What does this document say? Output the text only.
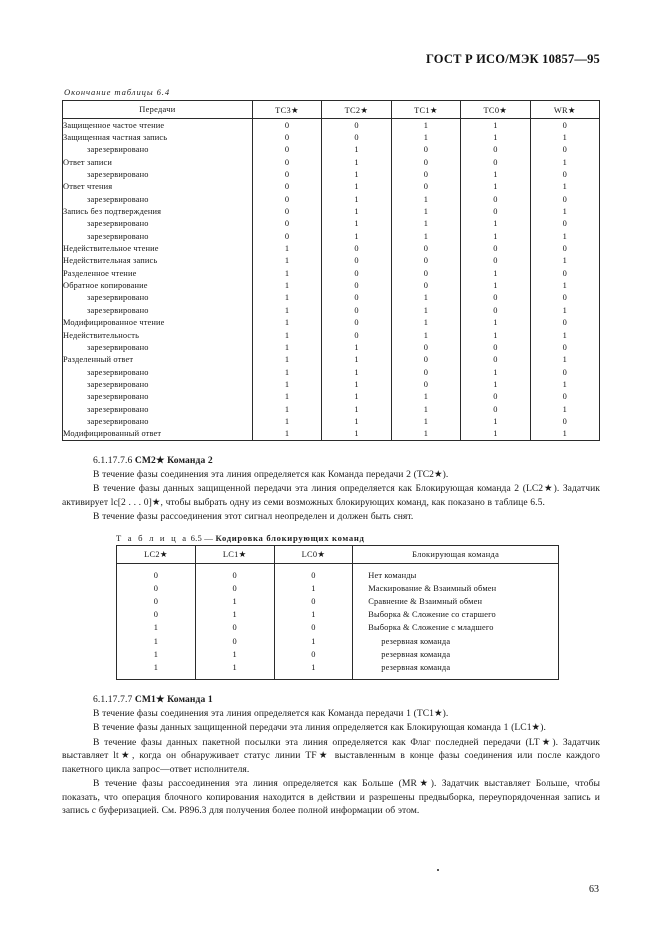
ГОСТ Р ИСО/МЭК 10857—95
Окончание таблицы 6.4
Передачи	TC3★	TC2★	TC1★	TC0★	WR★
Защищенное частое чтение	0	0	1	1	0
Защищенная частная запись	0	0	1	1	1
зарезервировано	0	1	0	0	0
Ответ записи	0	1	0	0	1
зарезервировано	0	1	0	1	0
Ответ чтения	0	1	0	1	1
зарезервировано	0	1	1	0	0
Запись без подтверждения	0	1	1	0	1
зарезервировано	0	1	1	1	0
зарезервировано	0	1	1	1	1
Недействительное чтение	1	0	0	0	0
Недействительная запись	1	0	0	0	1
Разделенное чтение	1	0	0	1	0
Обратное копирование	1	0	0	1	1
зарезервировано	1	0	1	0	0
зарезервировано	1	0	1	0	1
Модифицированное чтение	1	0	1	1	0
Недействительность	1	0	1	1	1
зарезервировано	1	1	0	0	0
Разделенный ответ	1	1	0	0	1
зарезервировано	1	1	0	1	0
зарезервировано	1	1	0	1	1
зарезервировано	1	1	1	0	0
зарезервировано	1	1	1	0	1
зарезервировано	1	1	1	1	0
Модифицированный ответ	1	1	1	1	1
6.1.17.7.6 CM2★ Команда 2

В течение фазы соединения эта линия определяется как Команда передачи 2 (TC2★).

В течение фазы данных защищенной передачи эта линия определяется как Блокирующая команда 2 (LC2★). Задатчик активирует lc[2 . . . 0]★, чтобы выбрать одну из семи возможных блокирующих команд, как показано в таблице 6.5.

В течение фазы рассоединения этот сигнал неопределен и должен быть снят.

Т а б л и ц а 6.5 — Кодировка блокирующих команд
LC2★	LC1★	LC0★	Блокирующая команда
0	0	0	Нет команды
0	0	1	Маскирование & Взаимный обмен
0	1	0	Сравнение & Взаимный обмен
0	1	1	Выборка & Сложение со старшего
1	0	0	Выборка & Сложение с младшего
1	0	1	резервная команда
1	1	0	резервная команда
1	1	1	резервная команда
6.1.17.7.7 CM1★ Команда 1

В течение фазы соединения эта линия определяется как Команда передачи 1 (TC1★).

В течение фазы данных защищенной передачи эта линия определяется как Блокирующая команда 1 (LC1★).

В течение фазы данных пакетной посылки эта линия определяется как Флаг последней передачи (LT★). Задатчик выставляет lt★, когда он обнаруживает статус линии TF★ выставленным в конце фазы соединения или после каждого пакетного цикла запрос—ответ исполнителя.

В течение фазы рассоединения эта линия определяется как Больше (MR★). Задатчик выставляет Больше, чтобы показать, что операция блочного копирования находится в действии и разрешены предвыборка, переупорядоченная запись и запись с буферизацией. См. P896.3 для получения более полной информации об этом.

63
